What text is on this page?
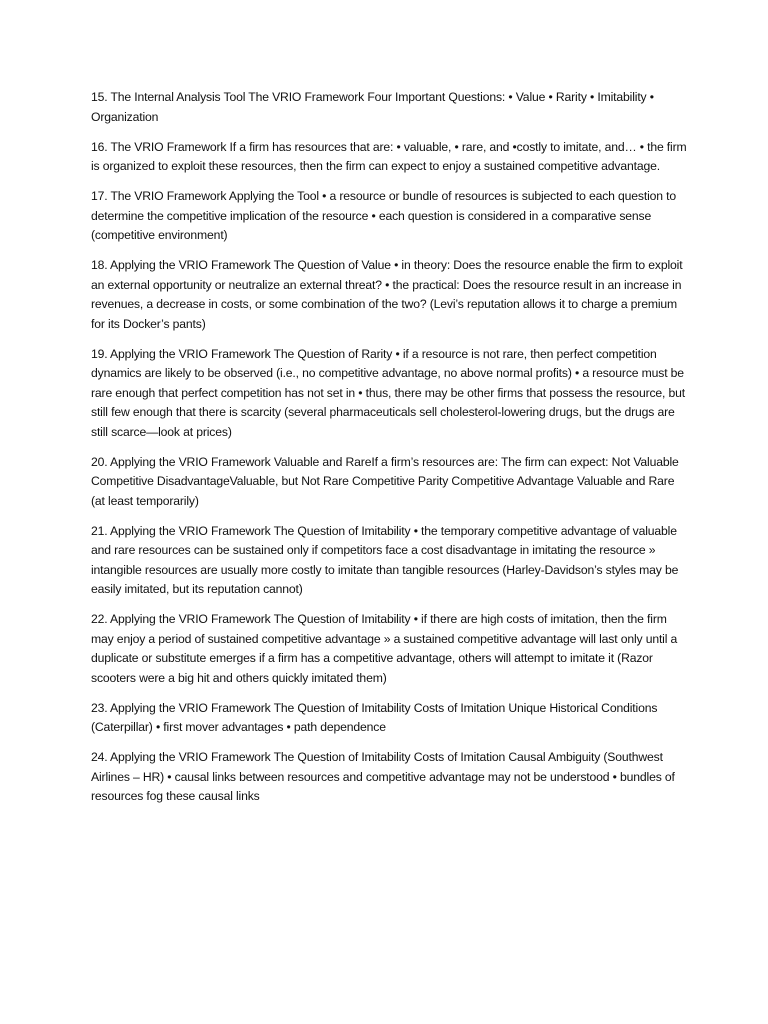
15. The Internal Analysis Tool The VRIO Framework Four Important Questions: • Value • Rarity • Imitability • Organization

16. The VRIO Framework If a firm has resources that are: • valuable, • rare, and •costly to imitate, and… • the firm is organized to exploit these resources, then the firm can expect to enjoy a sustained competitive advantage.

17. The VRIO Framework Applying the Tool • a resource or bundle of resources is subjected to each question to determine the competitive implication of the resource • each question is considered in a comparative sense (competitive environment)

18. Applying the VRIO Framework The Question of Value • in theory: Does the resource enable the firm to exploit an external opportunity or neutralize an external threat? • the practical: Does the resource result in an increase in revenues, a decrease in costs, or some combination of the two? (Levi’s reputation allows it to charge a premium for its Docker’s pants)

19. Applying the VRIO Framework The Question of Rarity • if a resource is not rare, then perfect competition dynamics are likely to be observed (i.e., no competitive advantage, no above normal profits) • a resource must be rare enough that perfect competition has not set in • thus, there may be other firms that possess the resource, but still few enough that there is scarcity (several pharmaceuticals sell cholesterol-lowering drugs, but the drugs are still scarce—look at prices)

20. Applying the VRIO Framework Valuable and RareIf a firm’s resources are: The firm can expect: Not Valuable Competitive DisadvantageValuable, but Not Rare Competitive Parity Competitive Advantage Valuable and Rare (at least temporarily)

21. Applying the VRIO Framework The Question of Imitability • the temporary competitive advantage of valuable and rare resources can be sustained only if competitors face a cost disadvantage in imitating the resource » intangible resources are usually more costly to imitate than tangible resources (Harley-Davidson’s styles may be easily imitated, but its reputation cannot)

22. Applying the VRIO Framework The Question of Imitability • if there are high costs of imitation, then the firm may enjoy a period of sustained competitive advantage » a sustained competitive advantage will last only until a duplicate or substitute emerges if a firm has a competitive advantage, others will attempt to imitate it (Razor scooters were a big hit and others quickly imitated them)

23. Applying the VRIO Framework The Question of Imitability Costs of Imitation Unique Historical Conditions (Caterpillar) • first mover advantages • path dependence

24. Applying the VRIO Framework The Question of Imitability Costs of Imitation Causal Ambiguity (Southwest Airlines – HR) • causal links between resources and competitive advantage may not be understood • bundles of resources fog these causal links
